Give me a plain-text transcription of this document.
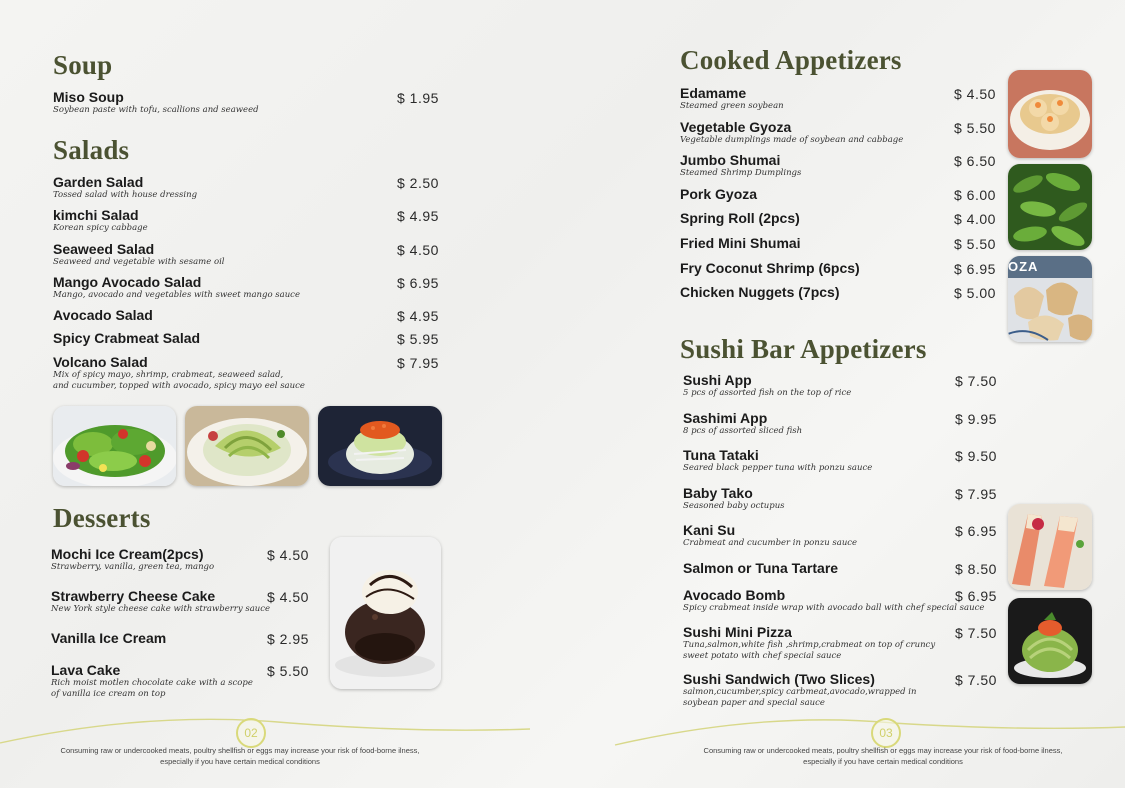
Soup
Miso Soup
Soybean paste with tofu, scallions and seaweed
$ 1.95
Salads
Garden Salad
Tossed salad with house dressing
$ 2.50
kimchi Salad
Korean spicy cabbage
$ 4.95
Seaweed Salad
Seaweed and vegetable with sesame oil
$ 4.50
Mango Avocado Salad
Mango, avocado and vegetables with sweet mango sauce
$ 6.95
Avocado Salad	$ 4.95
Spicy Crabmeat Salad	$ 5.95
Volcano Salad
Mix of spicy mayo, shrimp, crabmeat, seaweed salad,
and cucumber, topped with avocado, spicy mayo eel sauce
$ 7.95
Desserts
Mochi Ice Cream(2pcs)
Strawberry, vanilla, green tea, mango
$ 4.50
Strawberry Cheese Cake
New York style cheese cake with strawberry sauce
$ 4.50
Vanilla Ice Cream	$ 2.95
Lava Cake
Rich moist motlen chocolate cake with a scope
of vanilla ice cream on top
$ 5.50
02
Consuming raw or undercooked meats, poultry shellfish or eggs may increase your risk of food-borne ilness,
especially if you have certain medical conditions
Cooked Appetizers
Edamame
Steamed green soybean
$ 4.50
Vegetable Gyoza
Vegetable dumplings made of soybean and cabbage
$ 5.50
Jumbo Shumai
Steamed Shrimp Dumplings
$ 6.50
Pork Gyoza	$ 6.00
Spring Roll (2pcs)	$ 4.00
Fried Mini Shumai	$ 5.50
Fry Coconut Shrimp (6pcs)	$ 6.95
Chicken Nuggets (7pcs)	$ 5.00
OZA
Sushi Bar Appetizers
Sushi App
5 pcs of assorted fish on the top of rice
$ 7.50
Sashimi App
8 pcs of assorted sliced fish
$ 9.95
Tuna Tataki
Seared black pepper tuna with ponzu sauce
$ 9.50
Baby Tako
Seasoned baby octupus
$ 7.95
Kani Su
Crabmeat and cucumber in ponzu sauce
$ 6.95
Salmon or Tuna Tartare	$ 8.50
Avocado Bomb
Spicy crabmeat inside wrap with avocado ball with chef special sauce
$ 6.95
Sushi Mini Pizza
Tuna,salmon,white fish ,shrimp,crabmeat on top of cruncy
sweet potato with chef special sauce
$ 7.50
Sushi Sandwich (Two Slices)
salmon,cucumber,spicy carbmeat,avocado,wrapped in
soybean paper and special sauce
$ 7.50
03
Consuming raw or undercooked meats, poultry shellfish or eggs may increase your risk of food-borne ilness,
especially if you have certain medical conditions
